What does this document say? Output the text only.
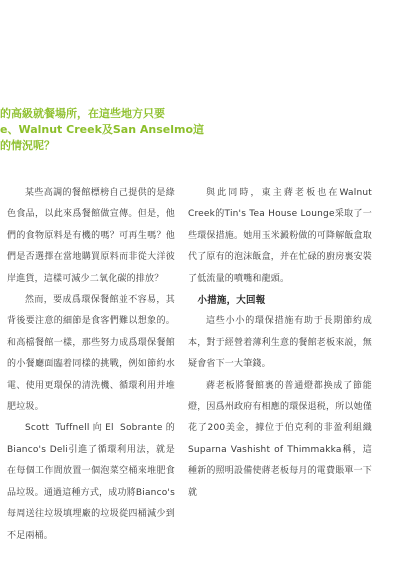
的高級就餐場所，在這些地方只要
e、Walnut Creek及San Anselmo這
的情況呢？

某些高調的餐館標榜自己提供的是綠色食品，以此來爲餐館做宣傳。但是，他們的食物原料是有機的嗎？可再生嗎？他們是否選擇在當地購買原料而非從大洋彼岸進貨，這樣可減少二氧化碳的排放？

然而，要成爲環保餐館並不容易，其背後要注意的細節是食客們難以想象的。和高檔餐館一樣，那些努力成爲環保餐館的小餐廳面臨着同樣的挑戰，例如節約水電、使用更環保的清洗機、循環利用并堆肥垃圾。

Scott Tuffnell向El Sobrante的Bianco's Deli引進了循環利用法，就是在每個工作間放置一個泡菜空桶來堆肥食品垃圾。通過這種方式，成功將Bianco's每周送往垃圾填埋廠的垃圾從四桶減少到不足兩桶。

與此同時，東主蔣老板也在Walnut Creek的Tin's Tea House Lounge采取了一些環保措施。她用玉米澱粉做的可降解飯盒取代了原有的泡沫飯盒，并在忙碌的廚房裏安裝了低流量的噴嘴和龍頭。

小措施，大回報

這些小小的環保措施有助于長期節約成本，對于經營着薄利生意的餐館老板來説，無疑會省下一大筆錢。

蔣老板將餐館裏的普通燈都换成了節能燈，因爲州政府有相應的環保退税，所以她僅花了200美金，據位于伯克利的非盈利組織Suparna Vashisht of Thimmakka稱，這種新的照明設備使蔣老板每月的電費賬單一下就
